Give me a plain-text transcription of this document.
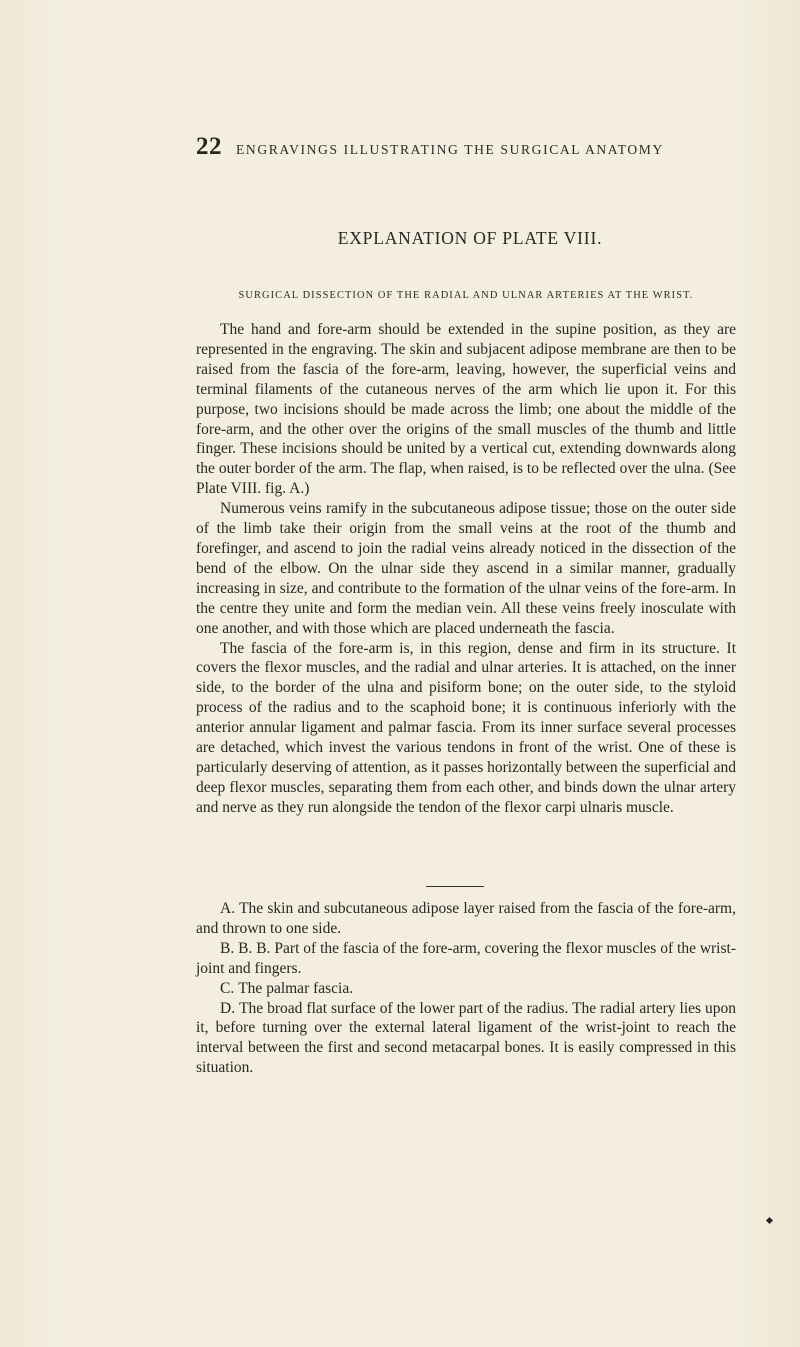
22 ENGRAVINGS ILLUSTRATING THE SURGICAL ANATOMY
EXPLANATION OF PLATE VIII.
SURGICAL DISSECTION OF THE RADIAL AND ULNAR ARTERIES AT THE WRIST.

The hand and fore-arm should be extended in the supine position, as they are represented in the engraving. The skin and subjacent adipose membrane are then to be raised from the fascia of the fore-arm, leaving, however, the superficial veins and terminal filaments of the cutaneous nerves of the arm which lie upon it. For this purpose, two incisions should be made across the limb; one about the middle of the fore-arm, and the other over the origins of the small muscles of the thumb and little finger. These incisions should be united by a vertical cut, extending downwards along the outer border of the arm. The flap, when raised, is to be reflected over the ulna. (See Plate VIII. fig. A.)

Numerous veins ramify in the subcutaneous adipose tissue; those on the outer side of the limb take their origin from the small veins at the root of the thumb and forefinger, and ascend to join the radial veins already noticed in the dissection of the bend of the elbow. On the ulnar side they ascend in a similar manner, gradually increasing in size, and contribute to the formation of the ulnar veins of the fore-arm. In the centre they unite and form the median vein. All these veins freely inosculate with one another, and with those which are placed underneath the fascia.

The fascia of the fore-arm is, in this region, dense and firm in its structure. It covers the flexor muscles, and the radial and ulnar arteries. It is attached, on the inner side, to the border of the ulna and pisiform bone; on the outer side, to the styloid process of the radius and to the scaphoid bone; it is continuous inferiorly with the anterior annular ligament and palmar fascia. From its inner surface several processes are detached, which invest the various tendons in front of the wrist. One of these is particularly deserving of attention, as it passes horizontally between the superficial and deep flexor muscles, separating them from each other, and binds down the ulnar artery and nerve as they run alongside the tendon of the flexor carpi ulnaris muscle.

A. The skin and subcutaneous adipose layer raised from the fascia of the fore-arm, and thrown to one side.

B. B. B. Part of the fascia of the fore-arm, covering the flexor muscles of the wrist-joint and fingers.

C. The palmar fascia.

D. The broad flat surface of the lower part of the radius. The radial artery lies upon it, before turning over the external lateral ligament of the wrist-joint to reach the interval between the first and second metacarpal bones. It is easily compressed in this situation.
